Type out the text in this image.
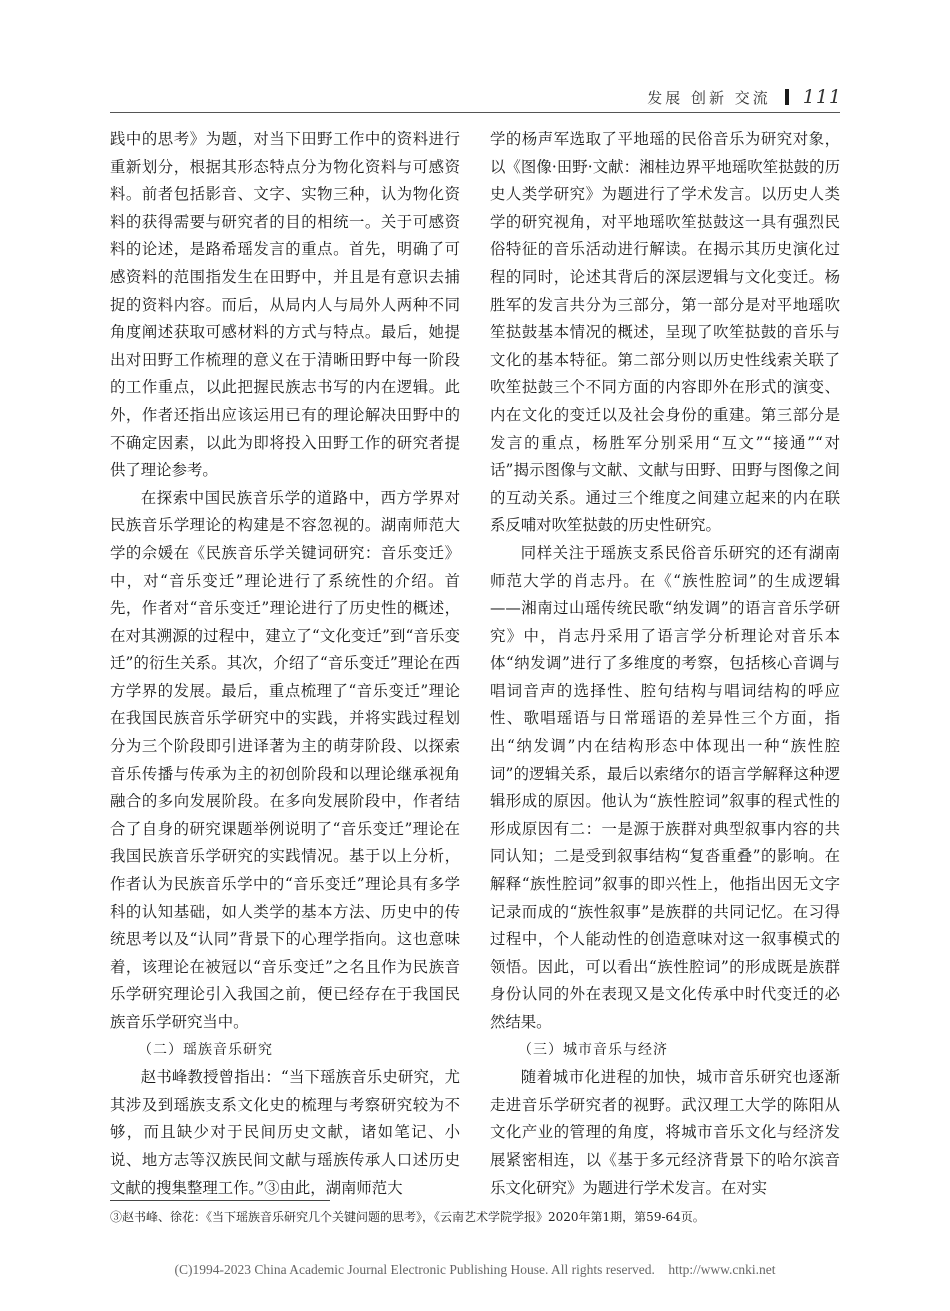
发展 创新 交流 111

践中的思考》为题，对当下田野工作中的资料进行重新划分，根据其形态特点分为物化资料与可感资料。前者包括影音、文字、实物三种，认为物化资料的获得需要与研究者的目的相统一。关于可感资料的论述，是路希瑶发言的重点。首先，明确了可感资料的范围指发生在田野中，并且是有意识去捕捉的资料内容。而后，从局内人与局外人两种不同角度阐述获取可感材料的方式与特点。最后，她提出对田野工作梳理的意义在于清晰田野中每一阶段的工作重点，以此把握民族志书写的内在逻辑。此外，作者还指出应该运用已有的理论解决田野中的不确定因素，以此为即将投入田野工作的研究者提供了理论参考。

在探索中国民族音乐学的道路中，西方学界对民族音乐学理论的构建是不容忽视的。湖南师范大学的佘媛在《民族音乐学关键词研究：音乐变迁》中，对“音乐变迁”理论进行了系统性的介绍。首先，作者对“音乐变迁”理论进行了历史性的概述，在对其溯源的过程中，建立了“文化变迁”到“音乐变迁”的衍生关系。其次，介绍了“音乐变迁”理论在西方学界的发展。最后，重点梳理了“音乐变迁”理论在我国民族音乐学研究中的实践，并将实践过程划分为三个阶段即引进译著为主的萌芽阶段、以探索音乐传播与传承为主的初创阶段和以理论继承视角融合的多向发展阶段。在多向发展阶段中，作者结合了自身的研究课题举例说明了“音乐变迁”理论在我国民族音乐学研究的实践情况。基于以上分析，作者认为民族音乐学中的“音乐变迁”理论具有多学科的认知基础，如人类学的基本方法、历史中的传统思考以及“认同”背景下的心理学指向。这也意味着，该理论在被冠以“音乐变迁”之名且作为民族音乐学研究理论引入我国之前，便已经存在于我国民族音乐学研究当中。

（二）瑶族音乐研究

赵书峰教授曾指出：“当下瑶族音乐史研究，尤其涉及到瑶族支系文化史的梳理与考察研究较为不够，而且缺少对于民间历史文献，诸如笔记、小说、地方志等汉族民间文献与瑶族传承人口述历史文献的搜集整理工作。”③由此，湖南师范大

学的杨声军选取了平地瑶的民俗音乐为研究对象，以《图像·田野·文献：湘桂边界平地瑶吹笙挞鼓的历史人类学研究》为题进行了学术发言。以历史人类学的研究视角，对平地瑶吹笙挞鼓这一具有强烈民俗特征的音乐活动进行解读。在揭示其历史演化过程的同时，论述其背后的深层逻辑与文化变迁。杨胜军的发言共分为三部分，第一部分是对平地瑶吹笙挞鼓基本情况的概述，呈现了吹笙挞鼓的音乐与文化的基本特征。第二部分则以历史性线索关联了吹笙挞鼓三个不同方面的内容即外在形式的演变、内在文化的变迁以及社会身份的重建。第三部分是发言的重点，杨胜军分别采用“互文”“接通”“对话”揭示图像与文献、文献与田野、田野与图像之间的互动关系。通过三个维度之间建立起来的内在联系反哺对吹笙挞鼓的历史性研究。

同样关注于瑶族支系民俗音乐研究的还有湖南师范大学的肖志丹。在《“族性腔词”的生成逻辑——湘南过山瑶传统民歌“纳发调”的语言音乐学研究》中，肖志丹采用了语言学分析理论对音乐本体“纳发调”进行了多维度的考察，包括核心音调与唱词音声的选择性、腔句结构与唱词结构的呼应性、歌唱瑶语与日常瑶语的差异性三个方面，指出“纳发调”内在结构形态中体现出一种“族性腔词”的逻辑关系，最后以索绪尔的语言学解释这种逻辑形成的原因。他认为“族性腔词”叙事的程式性的形成原因有二：一是源于族群对典型叙事内容的共同认知；二是受到叙事结构“复沓重叠”的影响。在解释“族性腔词”叙事的即兴性上，他指出因无文字记录而成的“族性叙事”是族群的共同记忆。在习得过程中，个人能动性的创造意味对这一叙事模式的领悟。因此，可以看出“族性腔词”的形成既是族群身份认同的外在表现又是文化传承中时代变迁的必然结果。

（三）城市音乐与经济

随着城市化进程的加快，城市音乐研究也逐渐走进音乐学研究者的视野。武汉理工大学的陈阳从文化产业的管理的角度，将城市音乐文化与经济发展紧密相连，以《基于多元经济背景下的哈尔滨音乐文化研究》为题进行学术发言。在对实

③赵书峰、徐花：《当下瑶族音乐研究几个关键问题的思考》，《云南艺术学院学报》2020年第1期，第59-64页。
(C)1994-2023 China Academic Journal Electronic Publishing House. All rights reserved.    http://www.cnki.net
